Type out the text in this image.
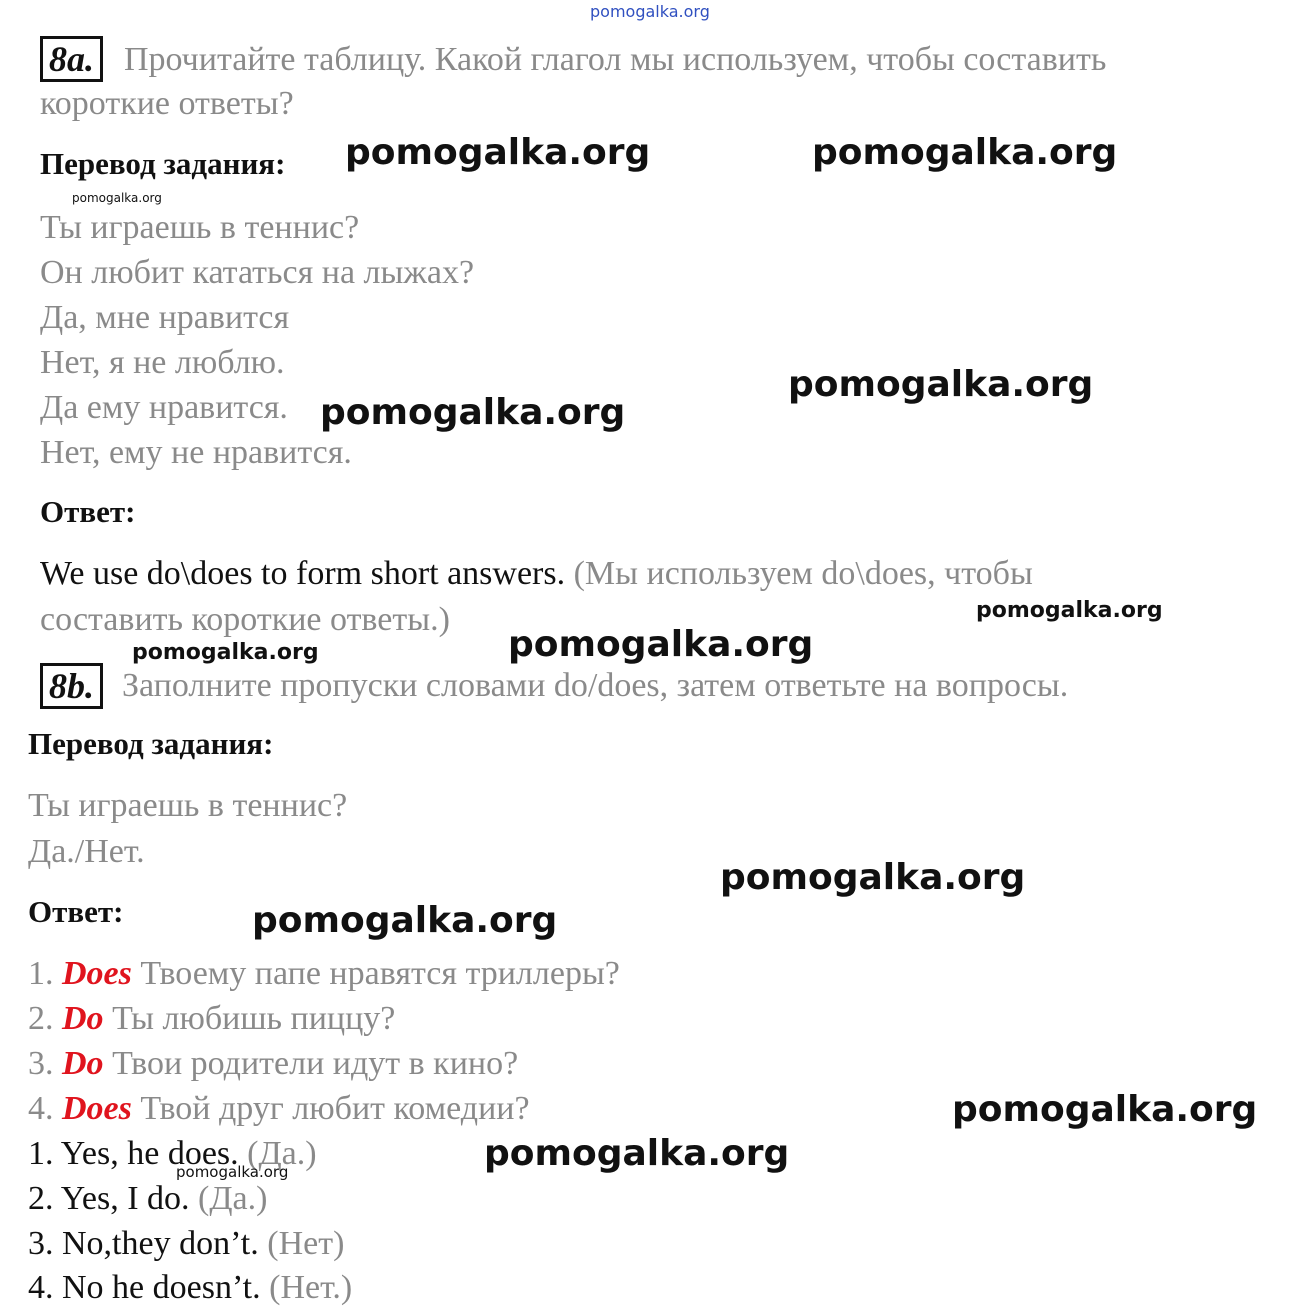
pomogalka.org
8a. Прочитайте таблицу. Какой глагол мы используем, чтобы составить
короткие ответы?
Перевод задания:
Ты играешь в теннис?
Он любит кататься на лыжах?
Да, мне нравится
Нет, я не люблю.
Да ему нравится.
Нет, ему не нравится.
Ответ:
We use do\does to form short answers. (Мы используем do\does, чтобы
составить короткие ответы.)
8b. Заполните пропуски словами do/does, затем ответьте на вопросы.
Перевод задания:
Ты играешь в теннис?
Да./Нет.
Ответ:
1. Does Твоему папе нравятся триллеры?
2. Do Ты любишь пиццу?
3. Do Твои родители идут в кино?
4. Does Твой друг любит комедии?
1. Yes, he does. (Да.)
2. Yes, I do. (Да.)
3. No,they don’t. (Нет)
4. No he doesn’t. (Нет.)
pomogalka.org	pomogalka.org
pomogalka.org
pomogalka.org
pomogalka.org
pomogalka.org
pomogalka.org
pomogalka.org
pomogalka.org
pomogalka.org
pomogalka.org
pomogalka.org
pomogalka.org
